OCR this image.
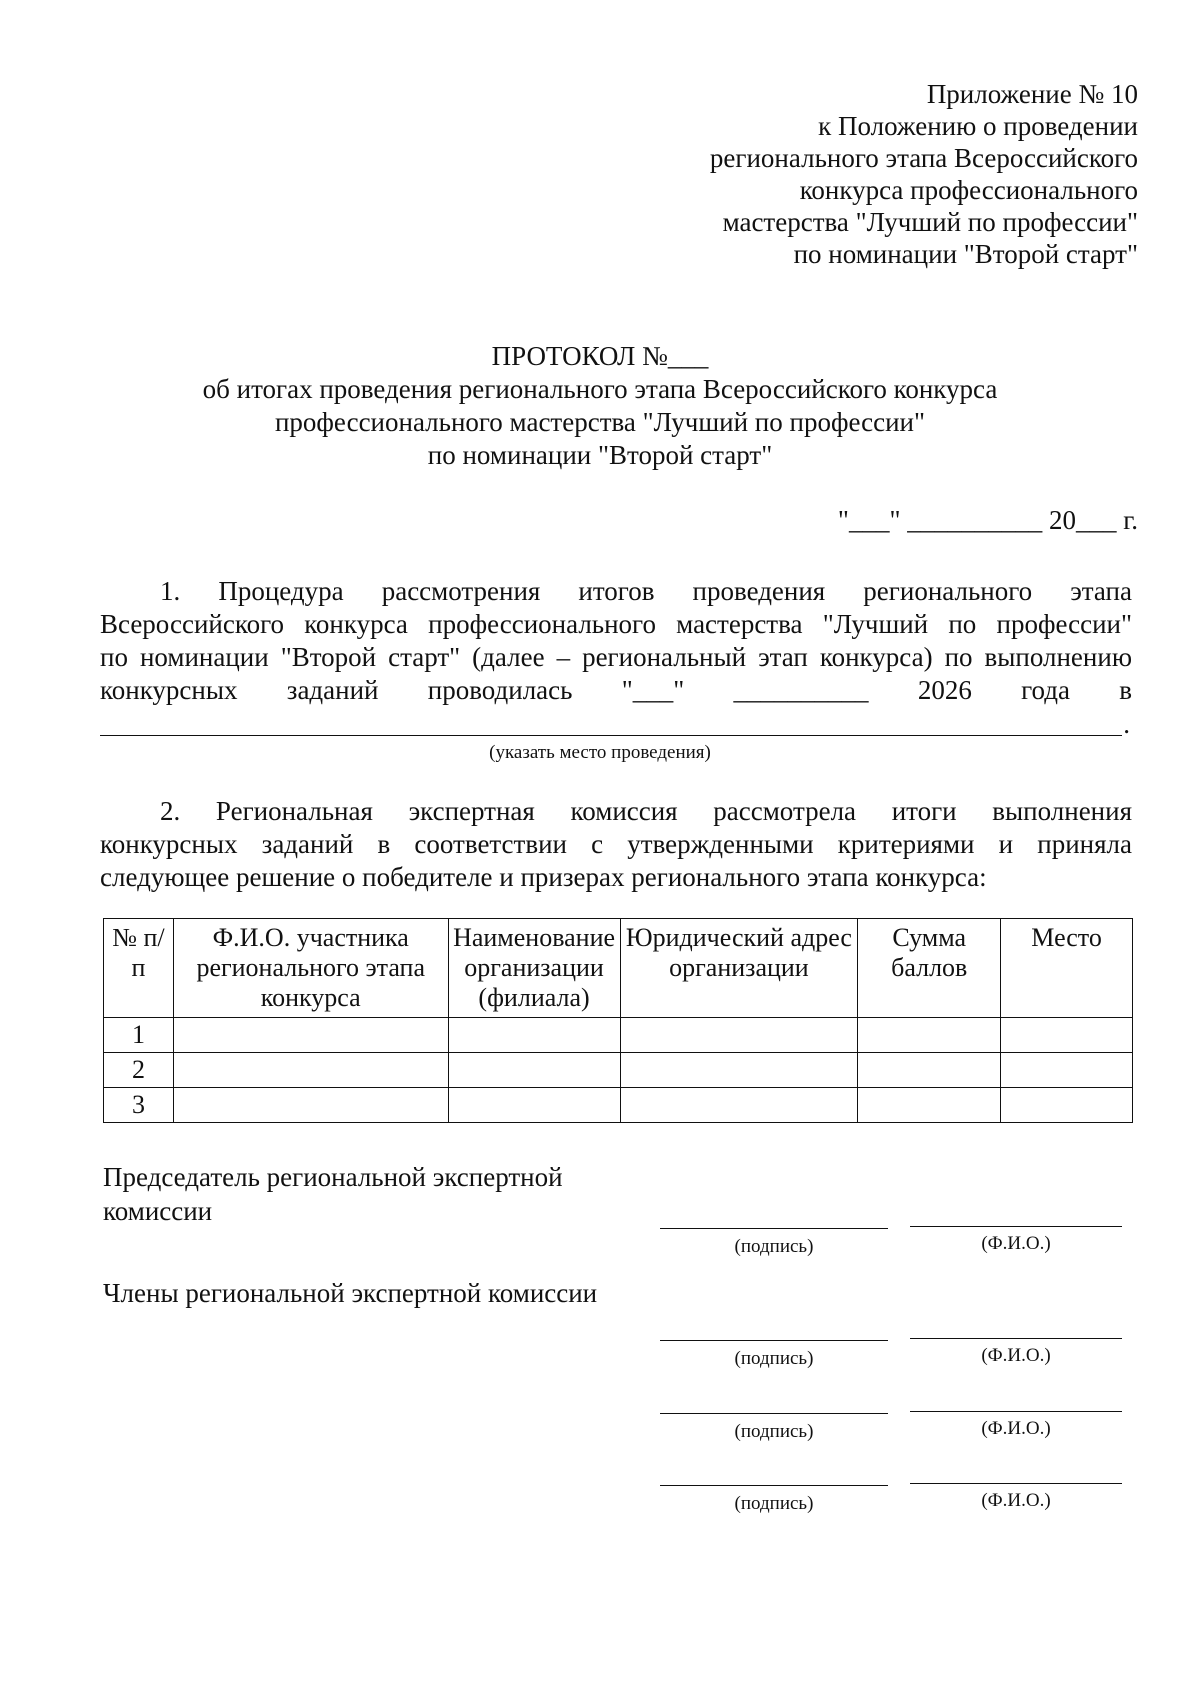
Приложение № 10
к Положению о проведении
регионального этапа Всероссийского
конкурса профессионального
мастерства "Лучший по профессии"
по номинации "Второй старт"
ПРОТОКОЛ №___
об итогах проведения регионального этапа Всероссийского конкурса
профессионального мастерства "Лучший по профессии"
по номинации "Второй старт"
"___" __________ 20___ г.
1. Процедура рассмотрения итогов проведения регионального этапа
Всероссийского конкурса профессионального мастерства "Лучший по профессии"
по номинации "Второй старт" (далее – региональный этап конкурса) по выполнению
конкурсных заданий проводилась "___" __________ 2026 года в
.
(указать место проведения)
2. Региональная экспертная комиссия рассмотрела итоги выполнения
конкурсных заданий в соответствии с утвержденными критериями и приняла
следующее решение о победителе и призерах регионального этапа конкурса:
№ п/п	Ф.И.О. участника регионального этапа конкурса	Наименование организации (филиала)	Юридический адрес организации	Сумма баллов	Место
1					
2					
3					
Председатель региональной экспертной
комиссии
(подпись)	(Ф.И.О.)
Члены региональной экспертной комиссии
(подпись)	(Ф.И.О.)
(подпись)	(Ф.И.О.)
(подпись)	(Ф.И.О.)
